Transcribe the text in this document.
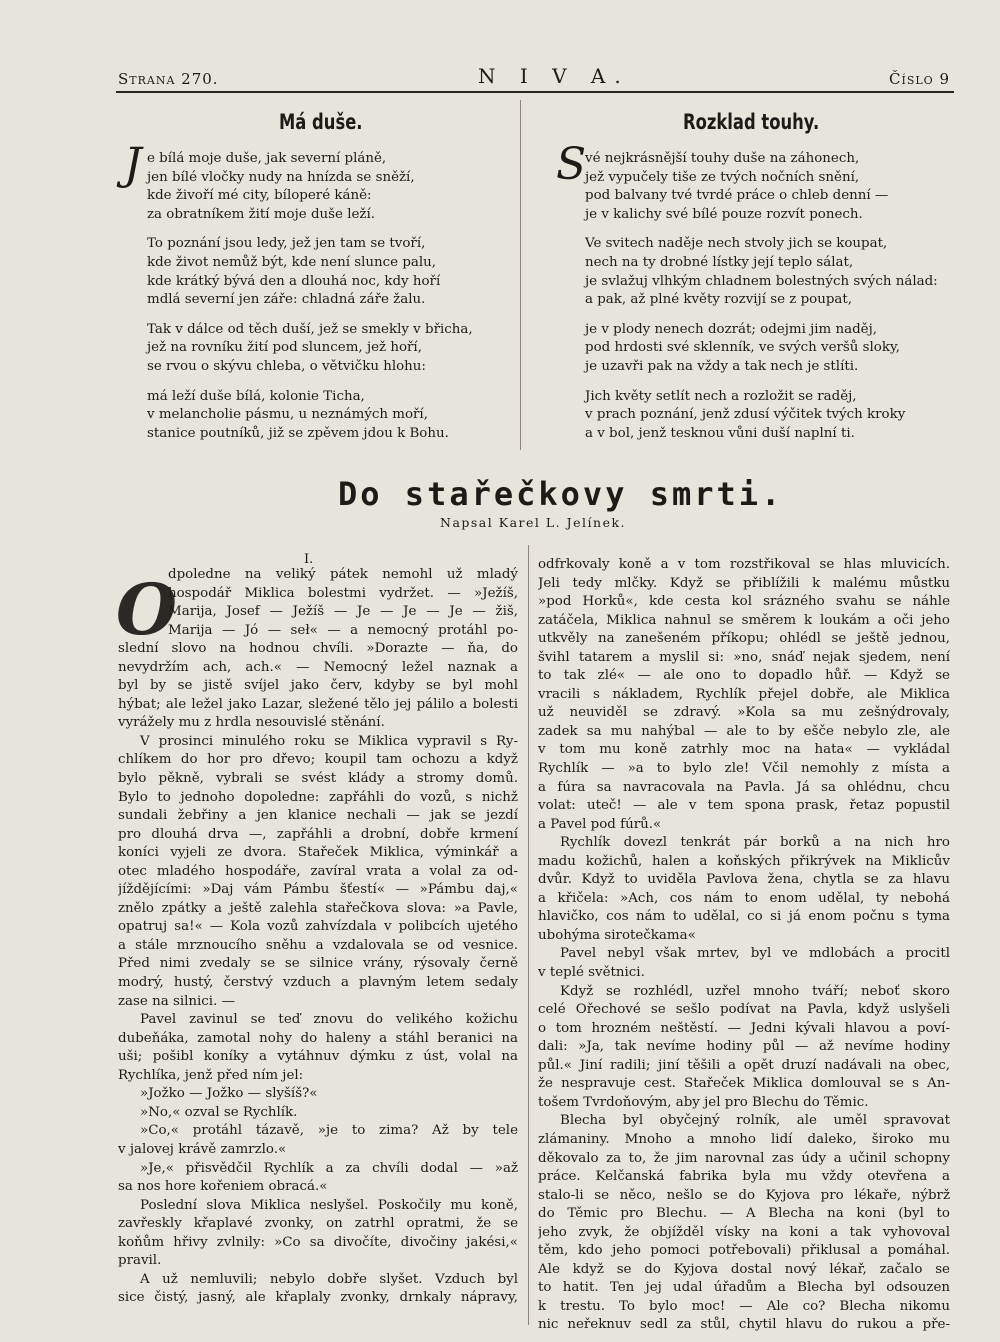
Strana 270.	N I V A.	Číslo 9
Má duše.
J e bílá moje duše, jak severní pláně,
jen bílé vločky nudy na hnízda se sněží,
kde živoří mé city, bíloperé káně:
za obratníkem žití moje duše leží.
To poznání jsou ledy, jež jen tam se tvoří,
kde život nemůž být, kde není slunce palu,
kde krátký bývá den a dlouhá noc, kdy hoří
mdlá severní jen záře: chladná záře žalu.
Tak v dálce od těch duší, jež se smekly v břicha,
jež na rovníku žití pod sluncem, jež hoří,
se rvou o skývu chleba, o větvičku hlohu:
má leží duše bílá, kolonie Ticha,
v melancholie pásmu, u neznámých moří,
stanice poutníků, již se zpěvem jdou k Bohu.
Rozklad touhy.
S
vé nejkrásnější touhy duše na záhonech,
jež vypučely tiše ze tvých nočních snění,
pod balvany tvé tvrdé práce o chleb denní —
je v kalichy své bílé pouze rozvít ponech.
Ve svitech naděje nech stvoly jich se koupat,
nech na ty drobné lístky její teplo sálat,
je svlažuj vlhkým chladnem bolestných svých nálad:
a pak, až plné květy rozvijí se z poupat,
je v plody nenech dozrát; odejmi jim naděj,
pod hrdosti své sklenník, ve svých veršů sloky,
je uzavři pak na vždy a tak nech je stlíti.
Jich květy setlít nech a rozložit se raděj,
v prach poznání, jenž zdusí výčitek tvých kroky
a v bol, jenž tesknou vůni duší naplní ti.
Do stařečkovy smrti.
Napsal Karel L. Jelínek.
I.
O
dpoledne na veliký pátek nemohl už mladý
hospodář Miklica bolestmi vydržet. — »Ježíš,
Marija, Josef — Ježíš — Je — Je — Je — žiš,
Marija — Jó — seł« — a nemocný protáhl po-
slední slovo na hodnou chvíli. »Dorazte — ňa, do
nevydržím ach, ach.« — Nemocný ležel naznak a
byl by se jistě svíjel jako červ, kdyby se byl mohl
hýbat; ale ležel jako Lazar, sležené tělo jej pálilo a bolesti
vyrážely mu z hrdla nesouvislé stěnání.
V prosinci minulého roku se Miklica vypravil s Ry-
chlíkem do hor pro dřevo; koupil tam ochozu a když
bylo pěkně, vybrali se svést klády a stromy domů.
Bylo to jednoho dopoledne: zapřáhli do vozů, s nichž
sundali žebřiny a jen klanice nechali — jak se jezdí
pro dlouhá drva —, zapřáhli a drobní, dobře krmení
koníci vyjeli ze dvora. Stařeček Miklica, výminkář a
otec mladého hospodáře, zavíral vrata a volal za od-
jíždějícími: »Daj vám Pámbu šťestí« — »Pámbu daj,«
znělo zpátky a ještě zalehla stařečkova slova: »a Pavle,
opatruj sa!« — Kola vozů zahvízdala v polibcích ujetého
a stále mrznoucího sněhu a vzdalovala se od vesnice.
Před nimi zvedaly se se silnice vrány, rýsovaly černě
modrý, hustý, čerstvý vzduch a plavným letem sedaly
zase na silnici. —
Pavel zavinul se teď znovu do velikého kožichu
dubeňáka, zamotal nohy do haleny a stáhl beranici na
uši; pošibl koníky a vytáhnuv dýmku z úst, volal na
Rychlíka, jenž před ním jel:
»Jožko — Jožko — slyšíš?«
»No,« ozval se Rychlík.
»Co,« protáhl tázavě, »je to zima? Až by tele
v jalovej krávě zamrzlo.«
»Je,« přisvědčil Rychlík a za chvíli dodal — »až
sa nos hore kořeniem obracá.«
Poslední slova Miklica neslyšel. Poskočily mu koně,
zavřeskly křaplavé zvonky, on zatrhl opratmi, že se
koňům hřivy zvlnily: »Co sa divočíte, divočiny jakési,«
pravil.
A už nemluvili; nebylo dobře slyšet. Vzduch byl
sice čistý, jasný, ale křaplaly zvonky, drnkaly nápravy,
odfrkovaly koně a v tom rozstřikoval se hlas mluvicích.
Jeli tedy mlčky. Když se přiblížili k malému můstku
»pod Horků«, kde cesta kol srázného svahu se náhle
zatáčela, Miklica nahnul se směrem k loukám a oči jeho
utkvěly na zanešeném příkopu; ohlédl se ještě jednou,
švihl tatarem a myslil si: »no, snáď nejak sjedem, není
to tak zlé« — ale ono to dopadlo hůř. — Když se
vracili s nákladem, Rychlík přejel dobře, ale Miklica
už neuviděl se zdravý. »Kola sa mu zešnýdrovaly,
zadek sa mu nahýbal — ale to by ešče nebylo zle, ale
v tom mu koně zatrhly moc na hata« — vykládal
Rychlík — »a to bylo zle! Včil nemohly z místa a
a fúra sa navracovala na Pavla. Já sa ohlédnu, chcu
volat: uteč! — ale v tem spona prask, řetaz popustil
a Pavel pod fúrů.«
Rychlík dovezl tenkrát pár borků a na nich hro
madu kožichů, halen a koňských přikrývek na Miklicův
dvůr. Když to uviděla Pavlova žena, chytla se za hlavu
a křičela: »Ach, cos nám to enom udělal, ty nebohá
hlavičko, cos nám to udělal, co si já enom počnu s tyma
ubohýma sirotečkama«
Pavel nebyl však mrtev, byl ve mdlobách a procitl
v teplé světnici.
Když se rozhlédl, uzřel mnoho tváří; neboť skoro
celé Ořechové se sešlo podívat na Pavla, když uslyšeli
o tom hrozném neštěstí. — Jedni kývali hlavou a poví-
dali: »Ja, tak nevíme hodiny půl — až nevíme hodiny
půl.« Jiní radili; jiní těšili a opět druzí nadávali na obec,
že nespravuje cest. Stařeček Miklica domlouval se s An-
tošem Tvrdoňovým, aby jel pro Blechu do Těmic.
Blecha byl obyčejný rolník, ale uměl spravovat
zlámaniny. Mnoho a mnoho lidí daleko, široko mu
děkovalo za to, že jim narovnal zas údy a učinil schopny
práce. Kelčanská fabrika byla mu vždy otevřena a
stalo-li se něco, nešlo se do Kyjova pro lékaře, nýbrž
do Těmic pro Blechu. — A Blecha na koni (byl to
jeho zvyk, že objížděl vísky na koni a tak vyhovoval
těm, kdo jeho pomoci potřebovali) přiklusal a pomáhal.
Ale když se do Kyjova dostal nový lékař, začalo se
to hatit. Ten jej udal úřadům a Blecha byl odsouzen
k trestu. To bylo moc! — Ale co? Blecha nikomu
nic neřeknuv sedl za stůl, chytil hlavu do rukou a pře-
